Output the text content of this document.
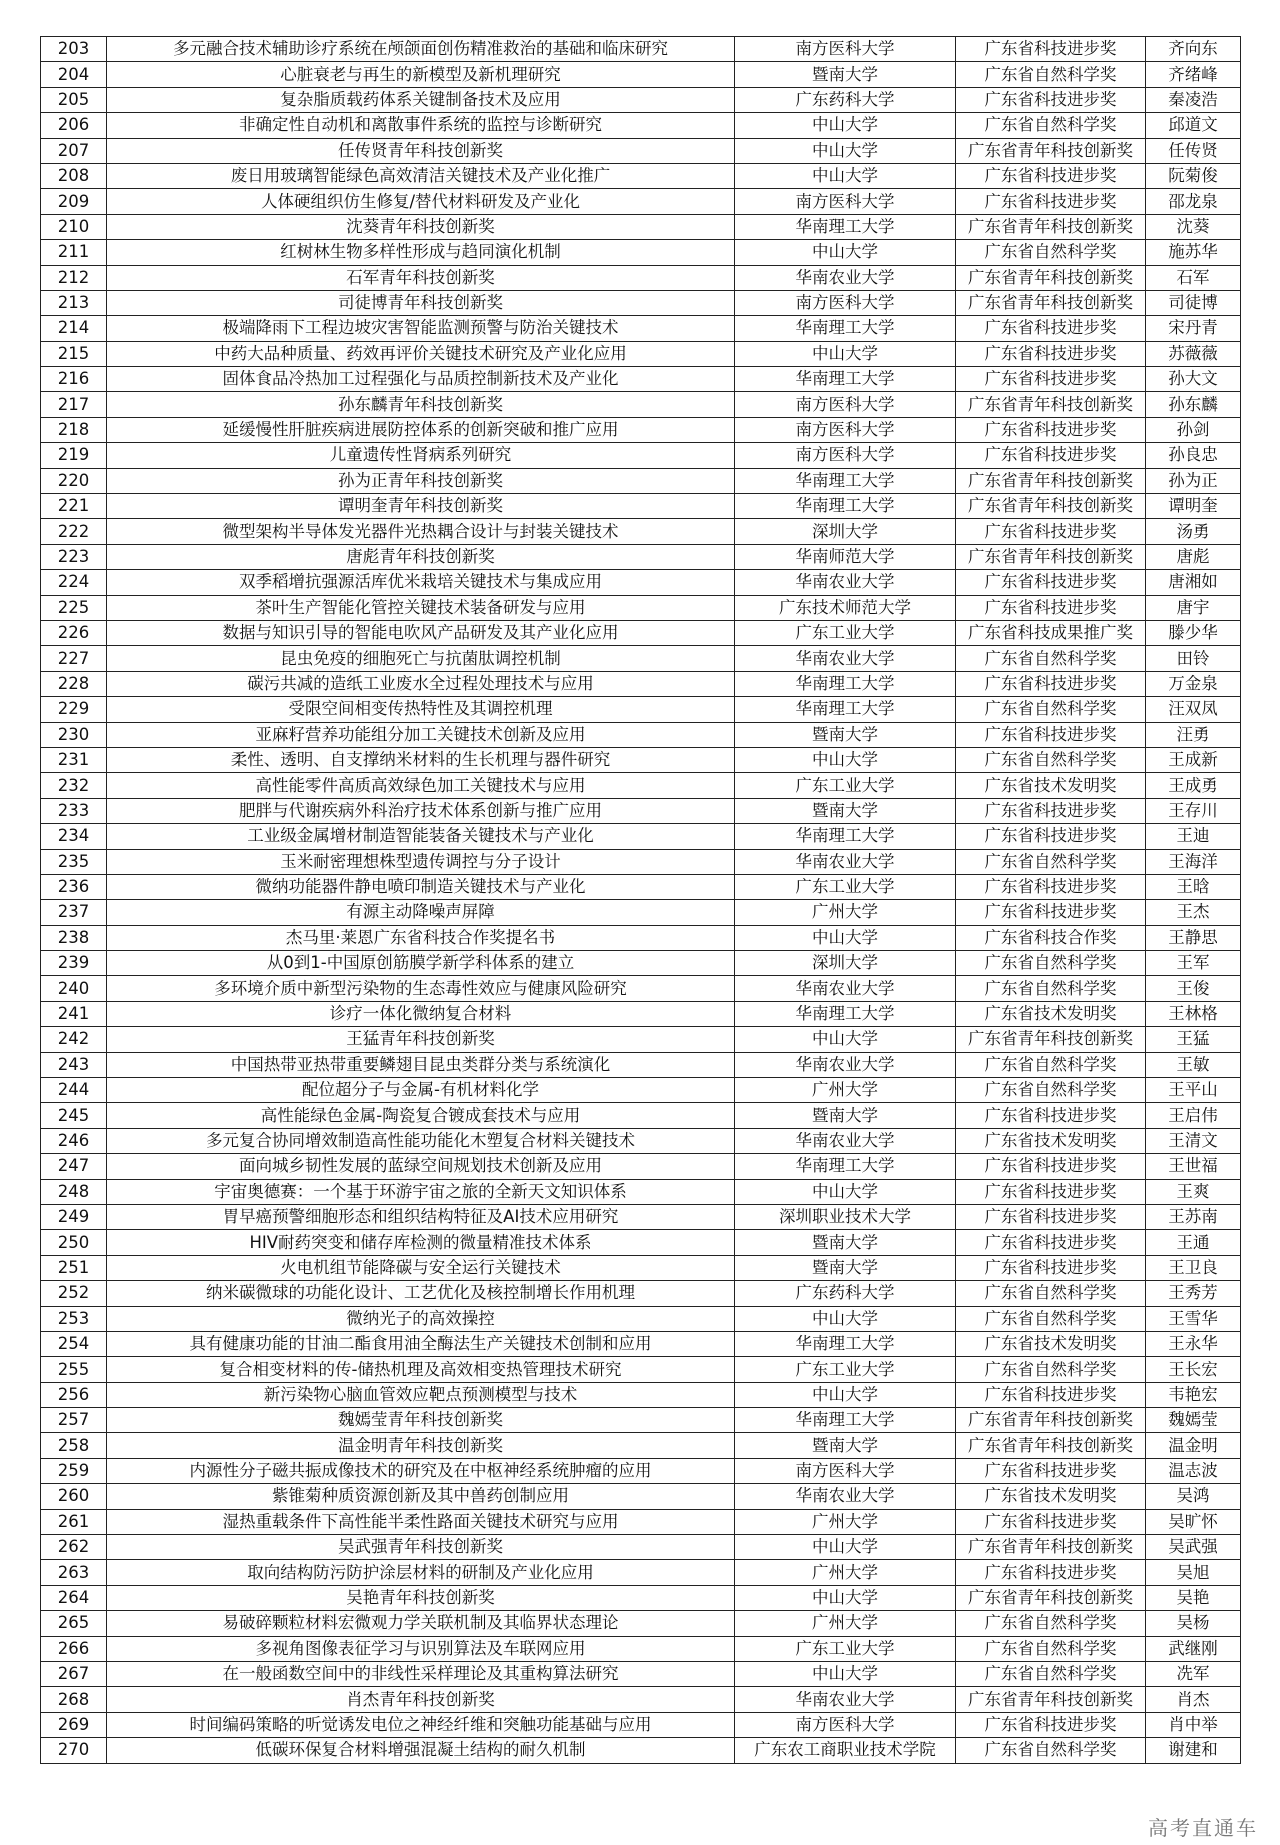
203	多元融合技术辅助诊疗系统在颅颌面创伤精准救治的基础和临床研究	南方医科大学	广东省科技进步奖	齐向东
204	心脏衰老与再生的新模型及新机理研究	暨南大学	广东省自然科学奖	齐绪峰
205	复杂脂质载药体系关键制备技术及应用	广东药科大学	广东省科技进步奖	秦凌浩
206	非确定性自动机和离散事件系统的监控与诊断研究	中山大学	广东省自然科学奖	邱道文
207	任传贤青年科技创新奖	中山大学	广东省青年科技创新奖	任传贤
208	废日用玻璃智能绿色高效清洁关键技术及产业化推广	中山大学	广东省科技进步奖	阮菊俊
209	人体硬组织仿生修复/替代材料研发及产业化	南方医科大学	广东省科技进步奖	邵龙泉
210	沈葵青年科技创新奖	华南理工大学	广东省青年科技创新奖	沈葵
211	红树林生物多样性形成与趋同演化机制	中山大学	广东省自然科学奖	施苏华
212	石军青年科技创新奖	华南农业大学	广东省青年科技创新奖	石军
213	司徒博青年科技创新奖	南方医科大学	广东省青年科技创新奖	司徒博
214	极端降雨下工程边坡灾害智能监测预警与防治关键技术	华南理工大学	广东省科技进步奖	宋丹青
215	中药大品种质量、药效再评价关键技术研究及产业化应用	中山大学	广东省科技进步奖	苏薇薇
216	固体食品冷热加工过程强化与品质控制新技术及产业化	华南理工大学	广东省科技进步奖	孙大文
217	孙东麟青年科技创新奖	南方医科大学	广东省青年科技创新奖	孙东麟
218	延缓慢性肝脏疾病进展防控体系的创新突破和推广应用	南方医科大学	广东省科技进步奖	孙剑
219	儿童遗传性肾病系列研究	南方医科大学	广东省科技进步奖	孙良忠
220	孙为正青年科技创新奖	华南理工大学	广东省青年科技创新奖	孙为正
221	谭明奎青年科技创新奖	华南理工大学	广东省青年科技创新奖	谭明奎
222	微型架构半导体发光器件光热耦合设计与封装关键技术	深圳大学	广东省科技进步奖	汤勇
223	唐彪青年科技创新奖	华南师范大学	广东省青年科技创新奖	唐彪
224	双季稻增抗强源活库优米栽培关键技术与集成应用	华南农业大学	广东省科技进步奖	唐湘如
225	茶叶生产智能化管控关键技术装备研发与应用	广东技术师范大学	广东省科技进步奖	唐宇
226	数据与知识引导的智能电吹风产品研发及其产业化应用	广东工业大学	广东省科技成果推广奖	滕少华
227	昆虫免疫的细胞死亡与抗菌肽调控机制	华南农业大学	广东省自然科学奖	田铃
228	碳污共减的造纸工业废水全过程处理技术与应用	华南理工大学	广东省科技进步奖	万金泉
229	受限空间相变传热特性及其调控机理	华南理工大学	广东省自然科学奖	汪双凤
230	亚麻籽营养功能组分加工关键技术创新及应用	暨南大学	广东省科技进步奖	汪勇
231	柔性、透明、自支撑纳米材料的生长机理与器件研究	中山大学	广东省自然科学奖	王成新
232	高性能零件高质高效绿色加工关键技术与应用	广东工业大学	广东省技术发明奖	王成勇
233	肥胖与代谢疾病外科治疗技术体系创新与推广应用	暨南大学	广东省科技进步奖	王存川
234	工业级金属增材制造智能装备关键技术与产业化	华南理工大学	广东省科技进步奖	王迪
235	玉米耐密理想株型遗传调控与分子设计	华南农业大学	广东省自然科学奖	王海洋
236	微纳功能器件静电喷印制造关键技术与产业化	广东工业大学	广东省科技进步奖	王晗
237	有源主动降噪声屏障	广州大学	广东省科技进步奖	王杰
238	杰马里·莱恩广东省科技合作奖提名书	中山大学	广东省科技合作奖	王静思
239	从0到1-中国原创筋膜学新学科体系的建立	深圳大学	广东省自然科学奖	王军
240	多环境介质中新型污染物的生态毒性效应与健康风险研究	华南农业大学	广东省自然科学奖	王俊
241	诊疗一体化微纳复合材料	华南理工大学	广东省技术发明奖	王林格
242	王猛青年科技创新奖	中山大学	广东省青年科技创新奖	王猛
243	中国热带亚热带重要鳞翅目昆虫类群分类与系统演化	华南农业大学	广东省自然科学奖	王敏
244	配位超分子与金属-有机材料化学	广州大学	广东省自然科学奖	王平山
245	高性能绿色金属-陶瓷复合镀成套技术与应用	暨南大学	广东省科技进步奖	王启伟
246	多元复合协同增效制造高性能功能化木塑复合材料关键技术	华南农业大学	广东省技术发明奖	王清文
247	面向城乡韧性发展的蓝绿空间规划技术创新及应用	华南理工大学	广东省科技进步奖	王世福
248	宇宙奥德赛：一个基于环游宇宙之旅的全新天文知识体系	中山大学	广东省科技进步奖	王爽
249	胃早癌预警细胞形态和组织结构特征及AI技术应用研究	深圳职业技术大学	广东省科技进步奖	王苏南
250	HIV耐药突变和储存库检测的微量精准技术体系	暨南大学	广东省科技进步奖	王通
251	火电机组节能降碳与安全运行关键技术	暨南大学	广东省科技进步奖	王卫良
252	纳米碳微球的功能化设计、工艺优化及核控制增长作用机理	广东药科大学	广东省自然科学奖	王秀芳
253	微纳光子的高效操控	中山大学	广东省自然科学奖	王雪华
254	具有健康功能的甘油二酯食用油全酶法生产关键技术创制和应用	华南理工大学	广东省技术发明奖	王永华
255	复合相变材料的传-储热机理及高效相变热管理技术研究	广东工业大学	广东省自然科学奖	王长宏
256	新污染物心脑血管效应靶点预测模型与技术	中山大学	广东省科技进步奖	韦艳宏
257	魏嫣莹青年科技创新奖	华南理工大学	广东省青年科技创新奖	魏嫣莹
258	温金明青年科技创新奖	暨南大学	广东省青年科技创新奖	温金明
259	内源性分子磁共振成像技术的研究及在中枢神经系统肿瘤的应用	南方医科大学	广东省科技进步奖	温志波
260	紫锥菊种质资源创新及其中兽药创制应用	华南农业大学	广东省技术发明奖	吴鸿
261	湿热重载条件下高性能半柔性路面关键技术研究与应用	广州大学	广东省科技进步奖	吴旷怀
262	吴武强青年科技创新奖	中山大学	广东省青年科技创新奖	吴武强
263	取向结构防污防护涂层材料的研制及产业化应用	广州大学	广东省科技进步奖	吴旭
264	吴艳青年科技创新奖	中山大学	广东省青年科技创新奖	吴艳
265	易破碎颗粒材料宏微观力学关联机制及其临界状态理论	广州大学	广东省自然科学奖	吴杨
266	多视角图像表征学习与识别算法及车联网应用	广东工业大学	广东省自然科学奖	武继刚
267	在一般函数空间中的非线性采样理论及其重构算法研究	中山大学	广东省自然科学奖	冼军
268	肖杰青年科技创新奖	华南农业大学	广东省青年科技创新奖	肖杰
269	时间编码策略的听觉诱发电位之神经纤维和突触功能基础与应用	南方医科大学	广东省科技进步奖	肖中举
270	低碳环保复合材料增强混凝土结构的耐久机制	广东农工商职业技术学院	广东省自然科学奖	谢建和
高考直通车
